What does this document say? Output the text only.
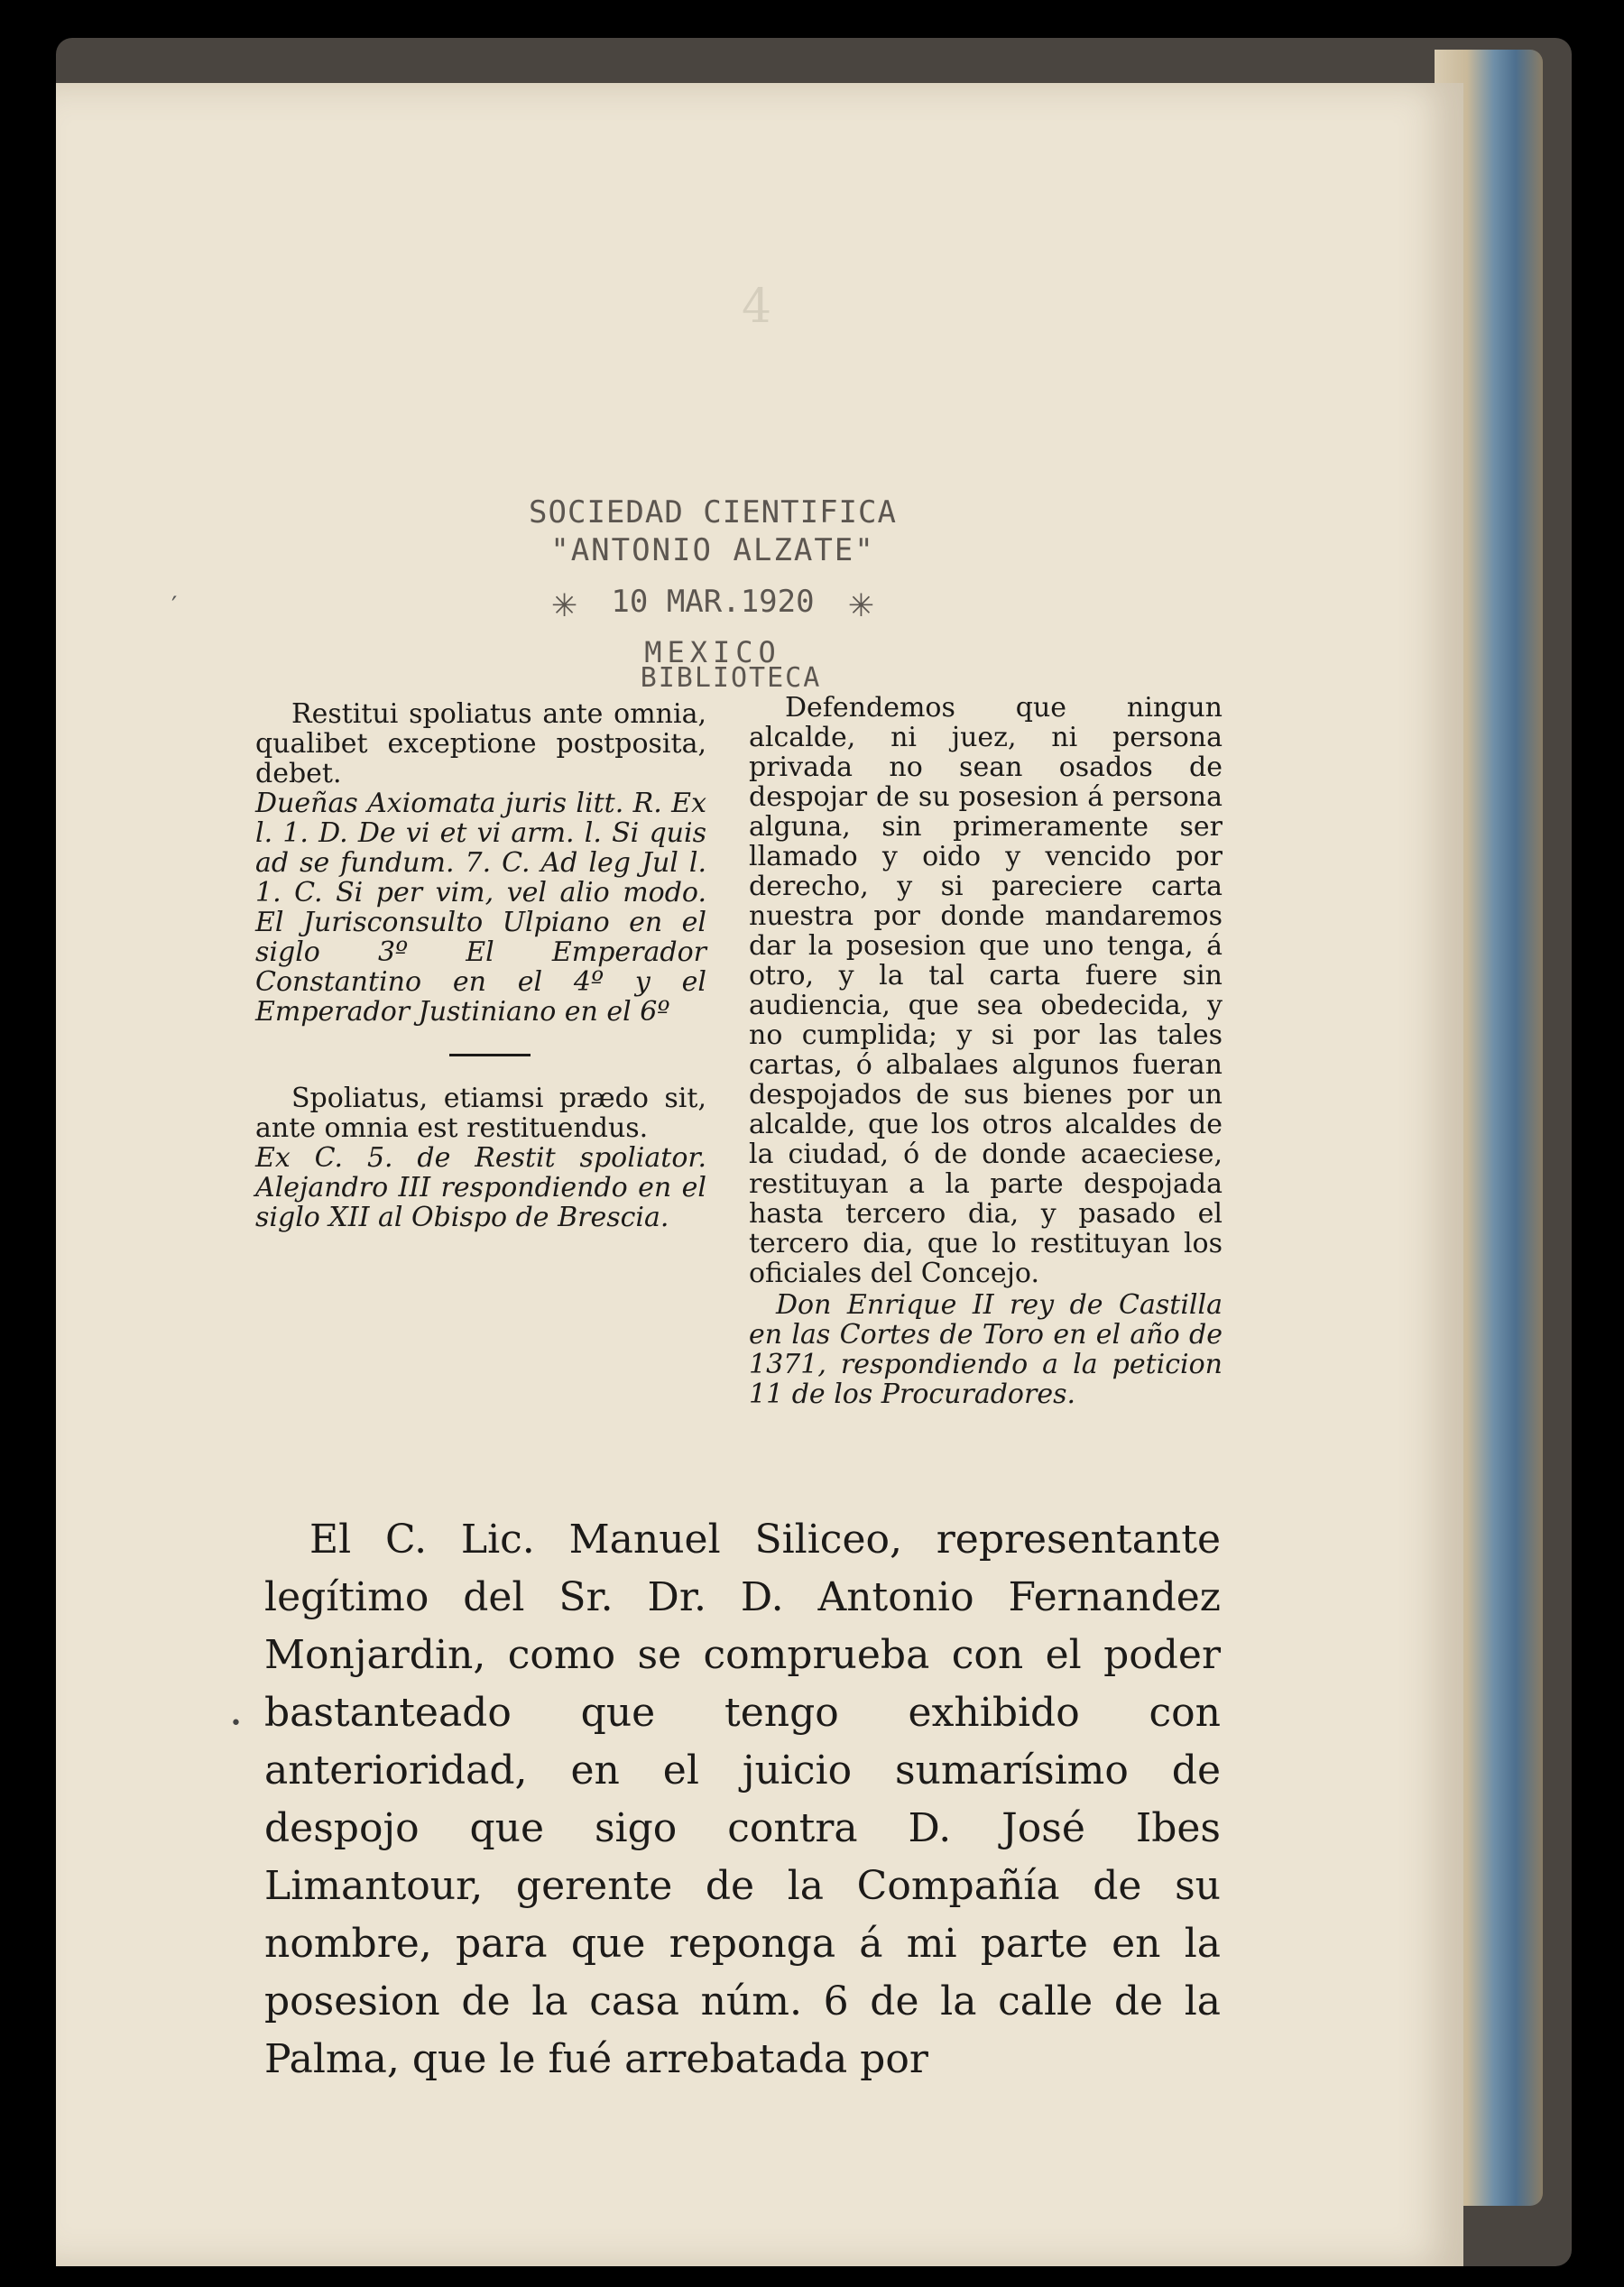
4
′
SOCIEDAD CIENTIFICA
"ANTONIO ALZATE"
✳ 10 MAR.1920 ✳
MEXICO
BIBLIOTECA

Restitui spoliatus ante omnia, qualibet exceptione postposita, debet.

Dueñas Axiomata juris litt. R. Ex l. 1. D. De vi et vi arm. l. Si quis ad se fundum. 7. C. Ad leg Jul l. 1. C. Si per vim, vel alio modo. El Jurisconsulto Ulpiano en el siglo 3º El Emperador Constantino en el 4º y el Emperador Justiniano en el 6º

Spoliatus, etiamsi prædo sit, ante omnia est restituendus.

Ex C. 5. de Restit spoliator. Alejandro III respondiendo en el siglo XII al Obispo de Brescia.

Defendemos que ningun alcalde, ni juez, ni persona privada no sean osados de despojar de su posesion á persona alguna, sin primeramente ser llamado y oido y vencido por derecho, y si pareciere carta nuestra por donde mandaremos dar la posesion que uno tenga, á otro, y la tal carta fuere sin audiencia, que sea obedecida, y no cumplida; y si por las tales cartas, ó albalaes algunos fueran despojados de sus bienes por un alcalde, que los otros alcaldes de la ciudad, ó de donde acaeciese, restituyan a la parte despojada hasta tercero dia, y pasado el tercero dia, que lo restituyan los oficiales del Concejo.

Don Enrique II rey de Castilla en las Cortes de Toro en el año de 1371, respondiendo a la peticion 11 de los Procuradores.

•

El C. Lic. Manuel Siliceo, representante legítimo del Sr. Dr. D. Antonio Fernandez Monjardin, como se comprueba con el poder bastanteado que tengo exhibido con anterioridad, en el juicio sumarísimo de despojo que sigo contra D. José Ibes Limantour, gerente de la Compañía de su nombre, para que reponga á mi parte en la posesion de la casa núm. 6 de la calle de la Palma, que le fué arrebatada por
